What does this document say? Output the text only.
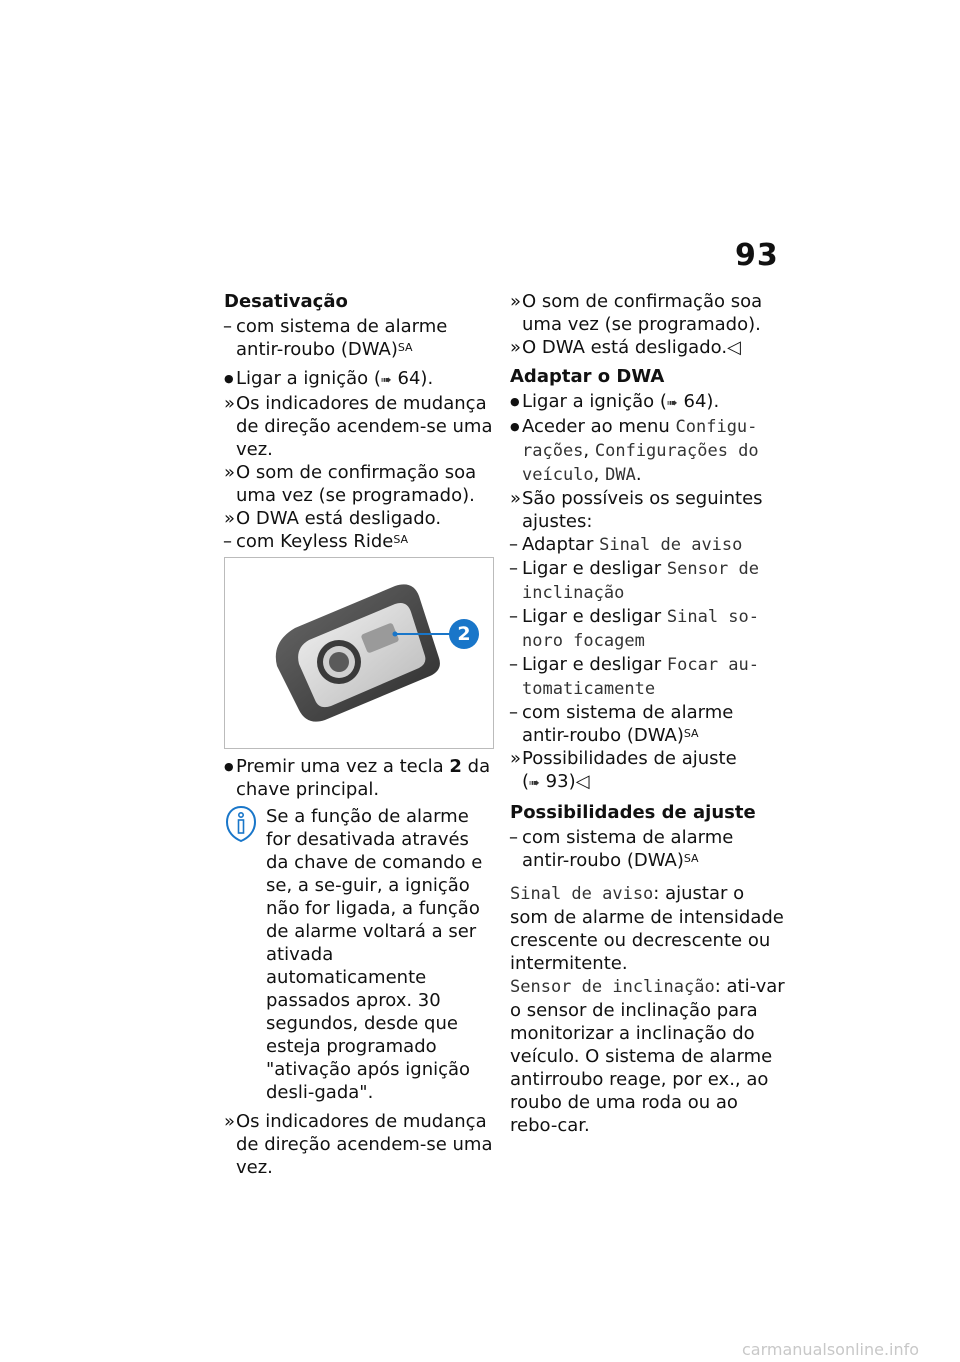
93
Desativação
– com sistema de alarme antir-roubo (DWA)$^{SA}$
● Ligar a ignição (➠ 64).
» Os indicadores de mudança de direção acendem-se uma vez.
» O som de confirmação soa uma vez (se programado).
» O DWA está desligado.
– com Keyless Ride$^{SA}$
2
● Premir uma vez a tecla 2 da chave principal.
Se a função de alarme for desativada através da chave de comando e se, a se-guir, a ignição não for ligada, a função de alarme voltará a ser ativada automaticamente passados aprox. 30 segundos, desde que esteja programado "ativação após ignição desli-gada".
» Os indicadores de mudança de direção acendem-se uma vez.
» O som de confirmação soa uma vez (se programado).
» O DWA está desligado.◁
Adaptar o DWA
● Ligar a ignição (➠ 64).
● Aceder ao menu Configu-rações, Configurações do veículo, DWA.
» São possíveis os seguintes ajustes:
– Adaptar Sinal de aviso
– Ligar e desligar Sensor de inclinação
– Ligar e desligar Sinal so-noro focagem
– Ligar e desligar Focar au-tomaticamente
– com sistema de alarme antir-roubo (DWA)$^{SA}$
» Possibilidades de ajuste
(➠ 93)◁
Possibilidades de ajuste
– com sistema de alarme antir-roubo (DWA)$^{SA}$
Sinal de aviso: ajustar o som de alarme de intensidade crescente ou decrescente ou intermitente.
Sensor de inclinação: ati-var o sensor de inclinação para monitorizar a inclinação do veículo. O sistema de alarme antirroubo reage, por ex., ao roubo de uma roda ou ao rebo-car.
carmanualsonline.info
